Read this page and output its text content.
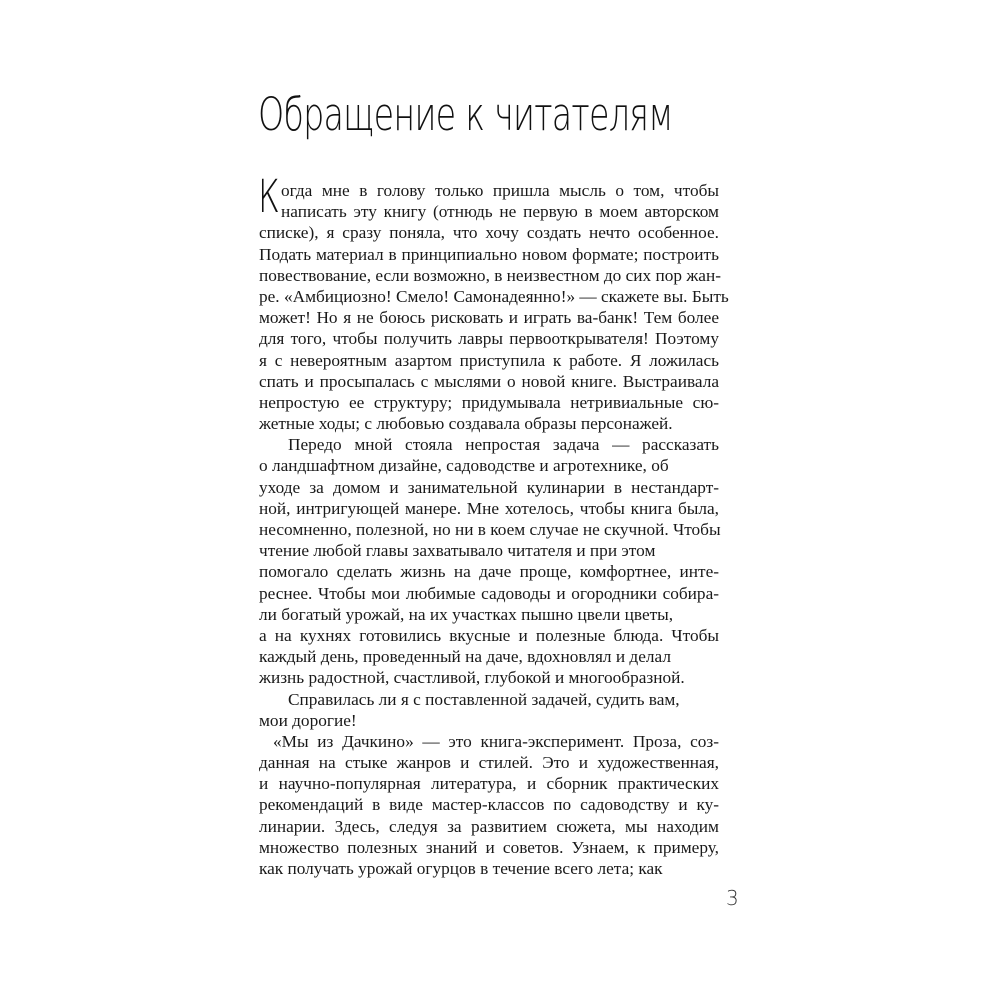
Обращение к читателям
К огда мне в голову только пришла мысль о том, чтобы
написать эту книгу (отнюдь не первую в моем авторском
списке), я сразу поняла, что хочу создать нечто особенное.
Подать материал в принципиально новом формате; построить
повествование, если возможно, в неизвестном до сих пор жан-
ре. «Амбициозно! Смело! Самонадеянно!» — скажете вы. Быть
может! Но я не боюсь рисковать и играть ва-банк! Тем более
для того, чтобы получить лавры первооткрывателя! Поэтому
я с невероятным азартом приступила к работе. Я ложилась
спать и просыпалась с мыслями о новой книге. Выстраивала
непростую ее структуру; придумывала нетривиальные сю-
жетные ходы; с любовью создавала образы персонажей.
Передо мной стояла непростая задача — рассказать
о ландшафтном дизайне, садоводстве и агротехнике, об
уходе за домом и занимательной кулинарии в нестандарт-
ной, интригующей манере. Мне хотелось, чтобы книга была,
несомненно, полезной, но ни в коем случае не скучной. Чтобы
чтение любой главы захватывало читателя и при этом
помогало сделать жизнь на даче проще, комфортнее, инте-
реснее. Чтобы мои любимые садоводы и огородники собира-
ли богатый урожай, на их участках пышно цвели цветы,
а на кухнях готовились вкусные и полезные блюда. Чтобы
каждый день, проведенный на даче, вдохновлял и делал
жизнь радостной, счастливой, глубокой и многообразной.
Справилась ли я с поставленной задачей, судить вам,
мои дорогие!
«Мы из Дачкино» — это книга-эксперимент. Проза, соз-
данная на стыке жанров и стилей. Это и художественная,
и научно-популярная литература, и сборник практических
рекомендаций в виде мастер-классов по садоводству и ку-
линарии. Здесь, следуя за развитием сюжета, мы находим
множество полезных знаний и советов. Узнаем, к примеру,
как получать урожай огурцов в течение всего лета; как
3
